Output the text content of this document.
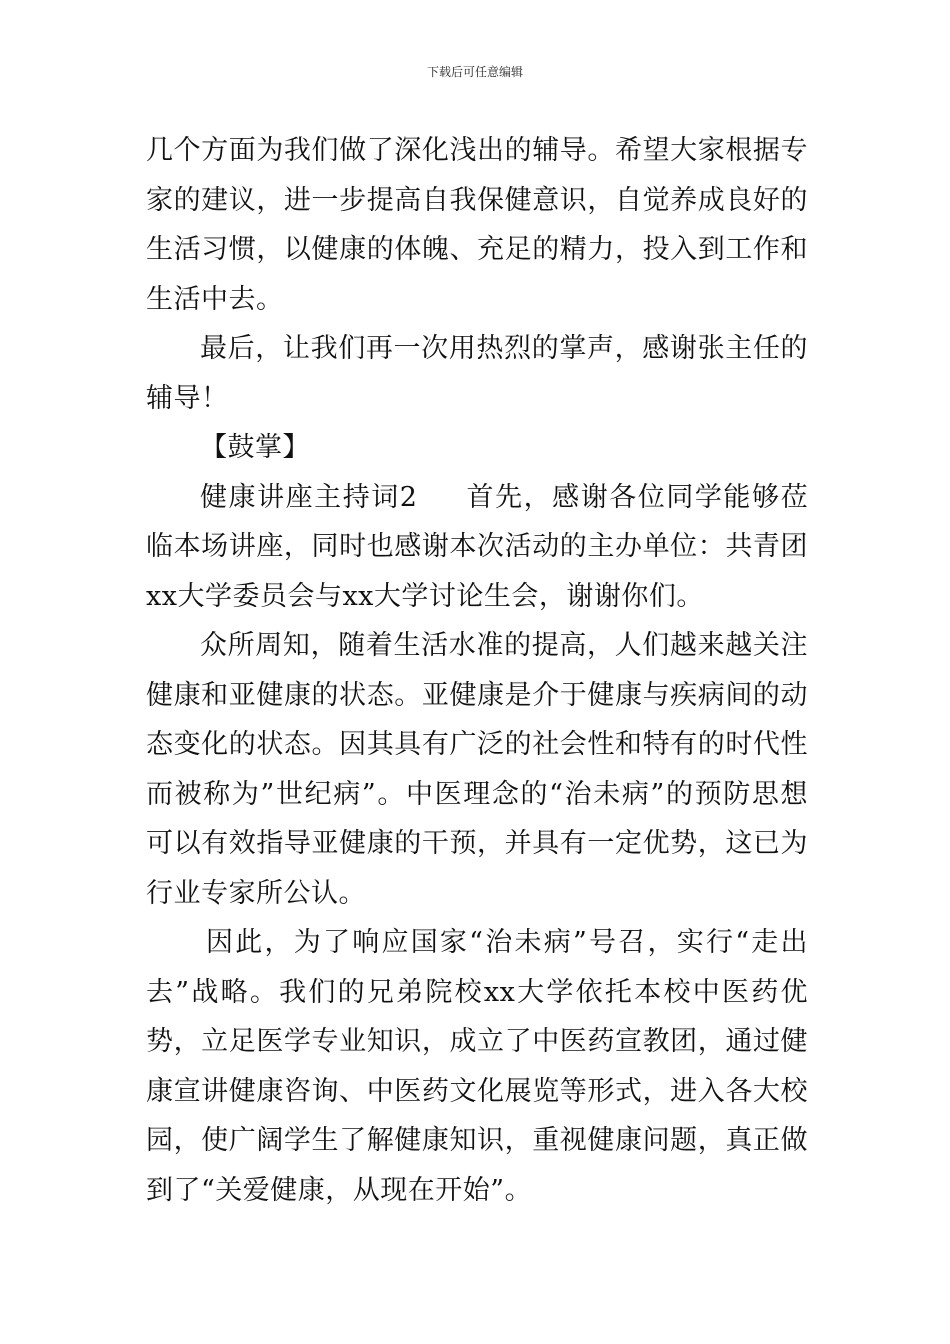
下载后可任意编辑

几个方面为我们做了深化浅出的辅导。希望大家根据专家的建议，进一步提高自我保健意识，自觉养成良好的生活习惯，以健康的体魄、充足的精力，投入到工作和生活中去。

最后，让我们再一次用热烈的掌声，感谢张主任的辅导！

【鼓掌】

健康讲座主持词2 首先，感谢各位同学能够莅临本场讲座，同时也感谢本次活动的主办单位：共青团xx大学委员会与xx大学讨论生会，谢谢你们。

众所周知，随着生活水准的提高，人们越来越关注健康和亚健康的状态。亚健康是介于健康与疾病间的动态变化的状态。因其具有广泛的社会性和特有的时代性而被称为”世纪病”。中医理念的“治未病”的预防思想可以有效指导亚健康的干预，并具有一定优势，这已为行业专家所公认。

因此，为了响应国家“治未病”号召，实行“走出去”战略。我们的兄弟院校xx大学依托本校中医药优势，立足医学专业知识，成立了中医药宣教团，通过健康宣讲健康咨询、中医药文化展览等形式，进入各大校园，使广阔学生了解健康知识，重视健康问题，真正做到了“关爱健康，从现在开始”。
